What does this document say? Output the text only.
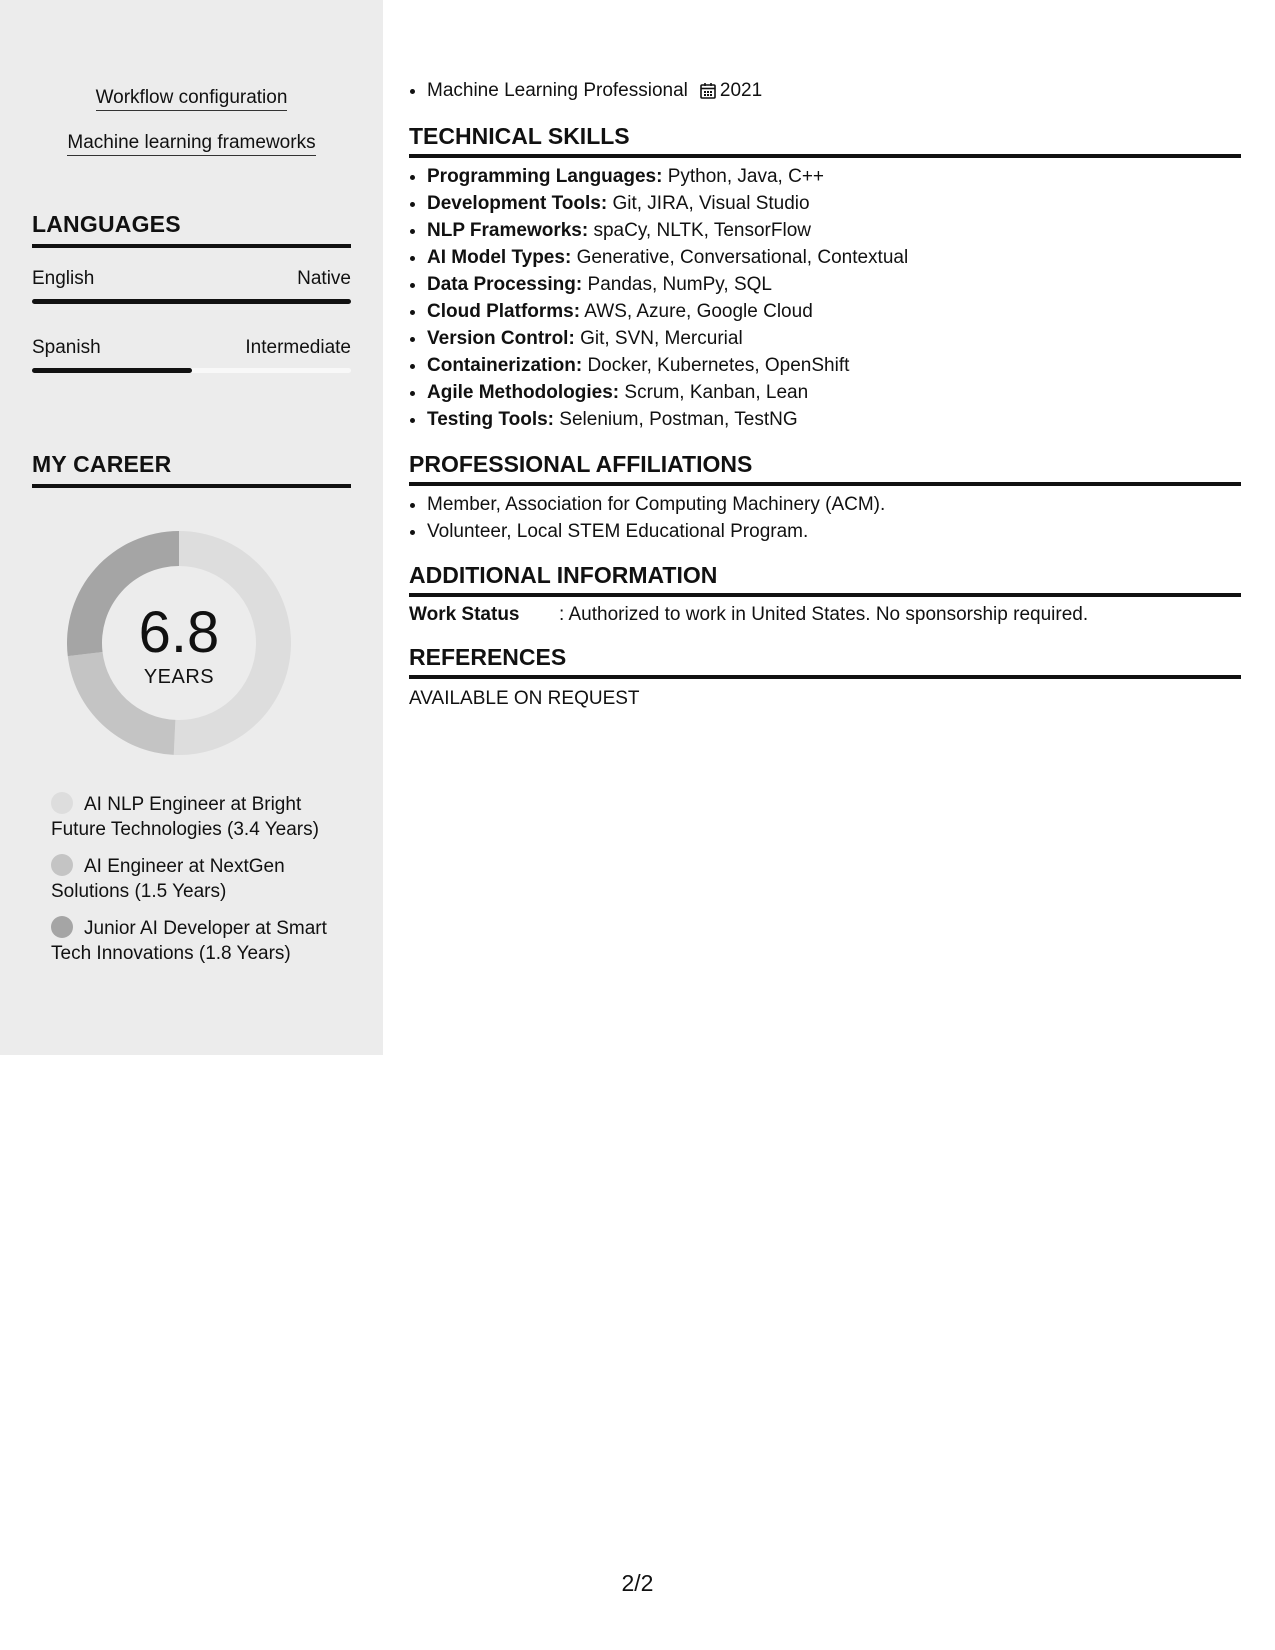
Workflow configuration
Machine learning frameworks
LANGUAGES
English	Native
Spanish	Intermediate
MY CAREER
AI NLP Engineer at Bright Future Technologies (3.4 Years)
AI Engineer at NextGen Solutions (1.5 Years)
Junior AI Developer at Smart Tech Innovations (1.8 Years)
6.8
YEARS
• Machine Learning Professional 2021
TECHNICAL SKILLS
• Programming Languages: Python, Java, C++
• Development Tools: Git, JIRA, Visual Studio
• NLP Frameworks: spaCy, NLTK, TensorFlow
• AI Model Types: Generative, Conversational, Contextual
• Data Processing: Pandas, NumPy, SQL
• Cloud Platforms: AWS, Azure, Google Cloud
• Version Control: Git, SVN, Mercurial
• Containerization: Docker, Kubernetes, OpenShift
• Agile Methodologies: Scrum, Kanban, Lean
• Testing Tools: Selenium, Postman, TestNG
PROFESSIONAL AFFILIATIONS
• Member, Association for Computing Machinery (ACM).
• Volunteer, Local STEM Educational Program.
ADDITIONAL INFORMATION
Work Status : Authorized to work in United States. No sponsorship required.
REFERENCES
AVAILABLE ON REQUEST
2/2
